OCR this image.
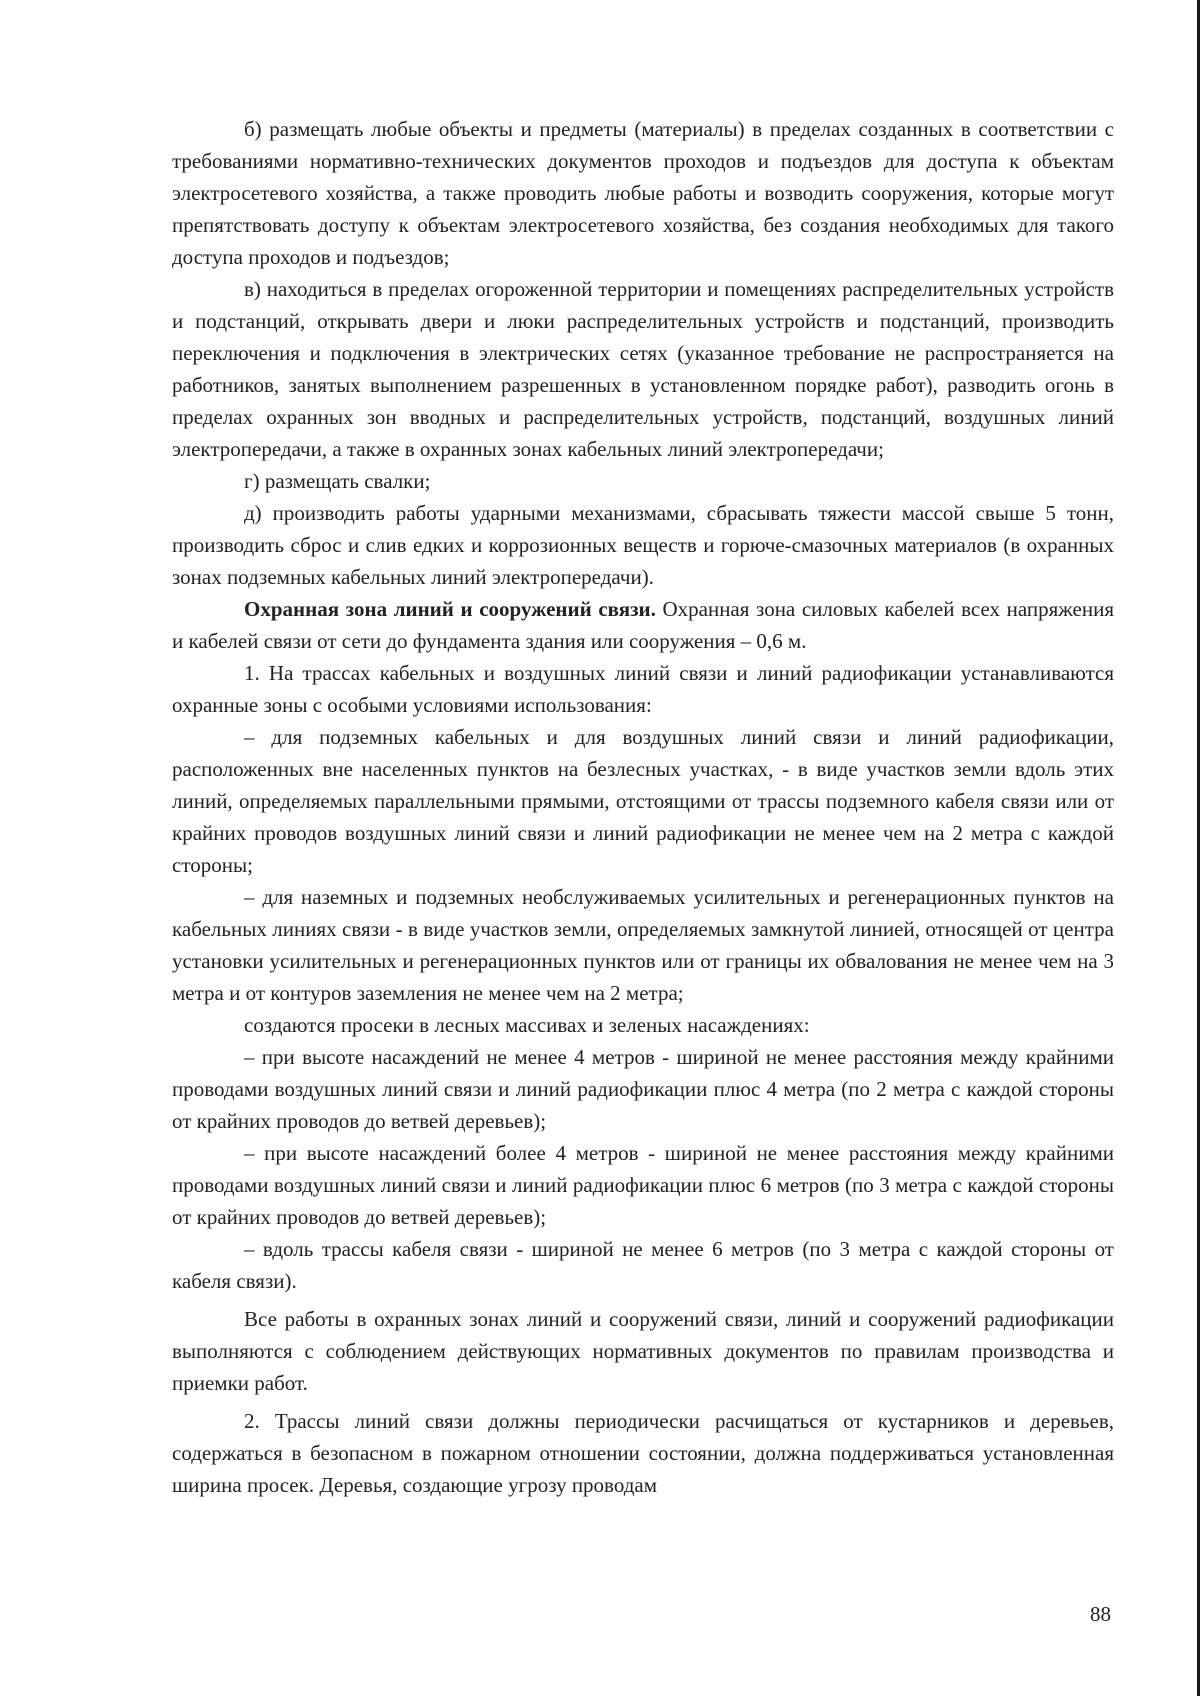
б) размещать любые объекты и предметы (материалы) в пределах созданных в соответствии с требованиями нормативно-технических документов проходов и подъездов для доступа к объектам электросетевого хозяйства, а также проводить любые работы и возводить сооружения, которые могут препятствовать доступу к объектам электросетевого хозяйства, без создания необходимых для такого доступа проходов и подъездов;

в) находиться в пределах огороженной территории и помещениях распределительных устройств и подстанций, открывать двери и люки распределительных устройств и подстанций, производить переключения и подключения в электрических сетях (указанное требование не распространяется на работников, занятых выполнением разрешенных в установленном порядке работ), разводить огонь в пределах охранных зон вводных и распределительных устройств, подстанций, воздушных линий электропередачи, а также в охранных зонах кабельных линий электропередачи;

г) размещать свалки;

д) производить работы ударными механизмами, сбрасывать тяжести массой свыше 5 тонн, производить сброс и слив едких и коррозионных веществ и горюче-смазочных материалов (в охранных зонах подземных кабельных линий электропередачи).

Охранная зона линий и сооружений связи. Охранная зона силовых кабелей всех напряжения и кабелей связи от сети до фундамента здания или сооружения – 0,6 м.

1. На трассах кабельных и воздушных линий связи и линий радиофикации устанавливаются охранные зоны с особыми условиями использования:

– для подземных кабельных и для воздушных линий связи и линий радиофикации, расположенных вне населенных пунктов на безлесных участках, - в виде участков земли вдоль этих линий, определяемых параллельными прямыми, отстоящими от трассы подземного кабеля связи или от крайних проводов воздушных линий связи и линий радиофикации не менее чем на 2 метра с каждой стороны;

– для наземных и подземных необслуживаемых усилительных и регенерационных пунктов на кабельных линиях связи - в виде участков земли, определяемых замкнутой линией, относящей от центра установки усилительных и регенерационных пунктов или от границы их обвалования не менее чем на 3 метра и от контуров заземления не менее чем на 2 метра;

создаются просеки в лесных массивах и зеленых насаждениях:

– при высоте насаждений не менее 4 метров - шириной не менее расстояния между крайними проводами воздушных линий связи и линий радиофикации плюс 4 метра (по 2 метра с каждой стороны от крайних проводов до ветвей деревьев);

– при высоте насаждений более 4 метров - шириной не менее расстояния между крайними проводами воздушных линий связи и линий радиофикации плюс 6 метров (по 3 метра с каждой стороны от крайних проводов до ветвей деревьев);

– вдоль трассы кабеля связи - шириной не менее 6 метров (по 3 метра с каждой стороны от кабеля связи).

Все работы в охранных зонах линий и сооружений связи, линий и сооружений радиофикации выполняются с соблюдением действующих нормативных документов по правилам производства и приемки работ.

2. Трассы линий связи должны периодически расчищаться от кустарников и деревьев, содержаться в безопасном в пожарном отношении состоянии, должна поддерживаться установленная ширина просек. Деревья, создающие угрозу проводам

88
